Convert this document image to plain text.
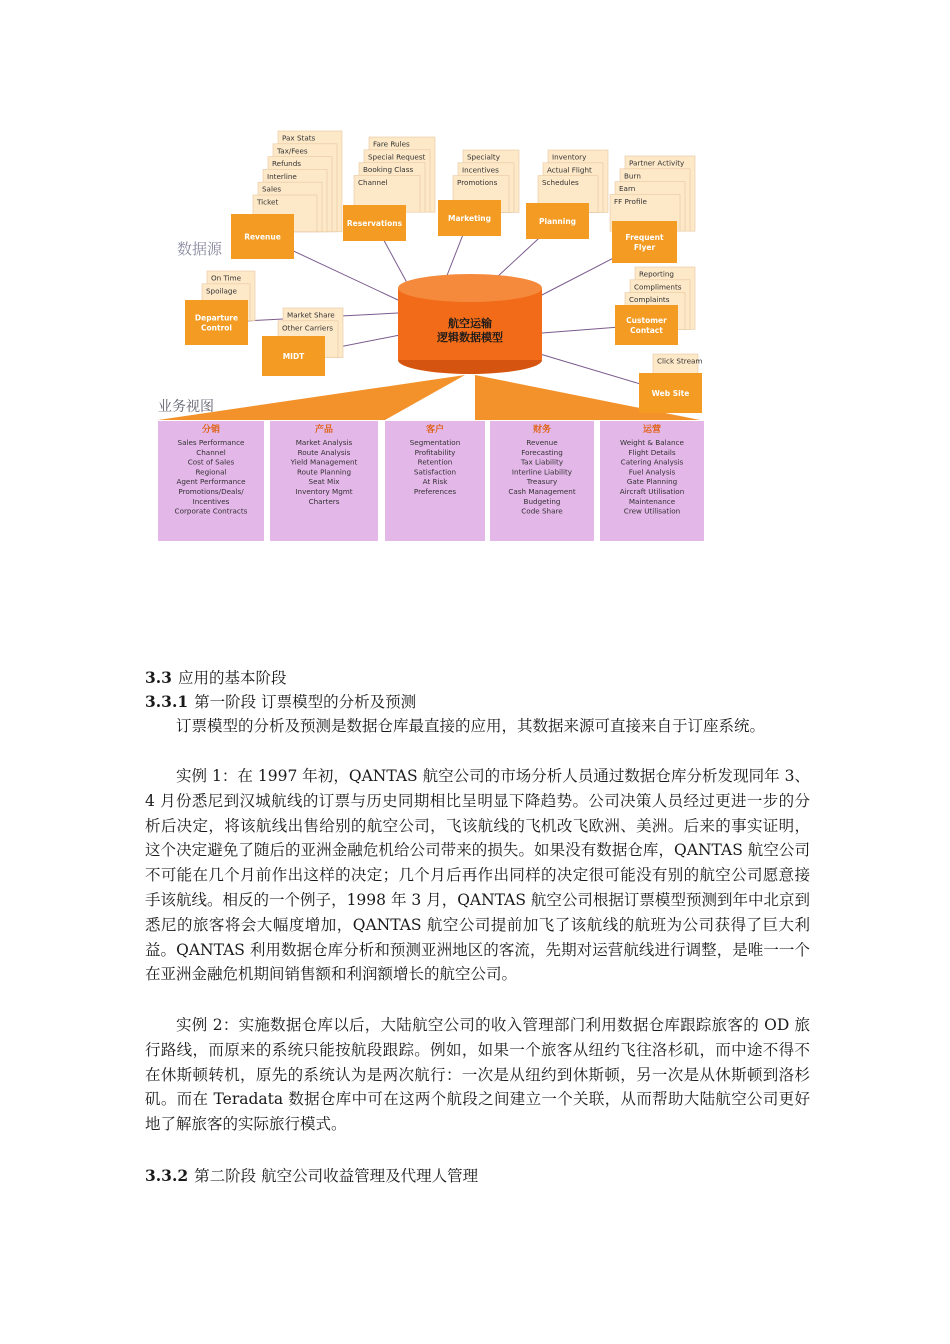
航空运输
逻辑数据模型
数据源
业务视图
Pax Stats
Tax/Fees
Refunds
Interline
Sales
Ticket
Revenue
Fare Rules
Special Request
Booking Class
Channel
Reservations
Specialty
Incentives
Promotions
Marketing
Inventory
Actual Flight
Schedules
Planning
Partner Activity
Burn
Earn
FF Profile
Frequent
Flyer
On Time
Spoilage
Departure
Control
Market Share
Other Carriers
MIDT
Reporting
Compliments
Complaints
Customer
Contact
Click Stream
Web Site
分销
Sales Performance
Channel
Cost of Sales
Regional
Agent Performance
Promotions/Deals/
Incentives
Corporate Contracts
产品
Market Analysis
Route Analysis
Yield Management
Route Planning
Seat Mix
Inventory Mgmt
Charters
客户
Segmentation
Profitability
Retention
Satisfaction
At Risk
Preferences
财务
Revenue
Forecasting
Tax Liability
Interline Liability
Treasury
Cash Management
Budgeting
Code Share
运营
Weight & Balance
Flight Details
Catering Analysis
Fuel Analysis
Gate Planning
Aircraft Utilisation
Maintenance
Crew Utilisation
3.3 应用的基本阶段
3.3.1 第一阶段 订票模型的分析及预测

订票模型的分析及预测是数据仓库最直接的应用，其数据来源可直接来自于订座系统。

实例 1：在 1997 年初，QANTAS 航空公司的市场分析人员通过数据仓库分析发现同年 3、4 月份悉尼到汉城航线的订票与历史同期相比呈明显下降趋势。公司决策人员经过更进一步的分析后决定，将该航线出售给别的航空公司，飞该航线的飞机改飞欧洲、美洲。后来的事实证明，这个决定避免了随后的亚洲金融危机给公司带来的损失。如果没有数据仓库，QANTAS 航空公司不可能在几个月前作出这样的决定；几个月后再作出同样的决定很可能没有别的航空公司愿意接手该航线。相反的一个例子，1998 年 3 月，QANTAS 航空公司根据订票模型预测到年中北京到悉尼的旅客将会大幅度增加，QANTAS 航空公司提前加飞了该航线的航班为公司获得了巨大利益。QANTAS 利用数据仓库分析和预测亚洲地区的客流，先期对运营航线进行调整，是唯一一个在亚洲金融危机期间销售额和利润额增长的航空公司。

实例 2：实施数据仓库以后，大陆航空公司的收入管理部门利用数据仓库跟踪旅客的 OD 旅行路线，而原来的系统只能按航段跟踪。例如，如果一个旅客从纽约飞往洛杉矶，而中途不得不在休斯顿转机，原先的系统认为是两次航行：一次是从纽约到休斯顿，另一次是从休斯顿到洛杉矶。而在 Teradata 数据仓库中可在这两个航段之间建立一个关联，从而帮助大陆航空公司更好地了解旅客的实际旅行模式。

3.3.2 第二阶段 航空公司收益管理及代理人管理
